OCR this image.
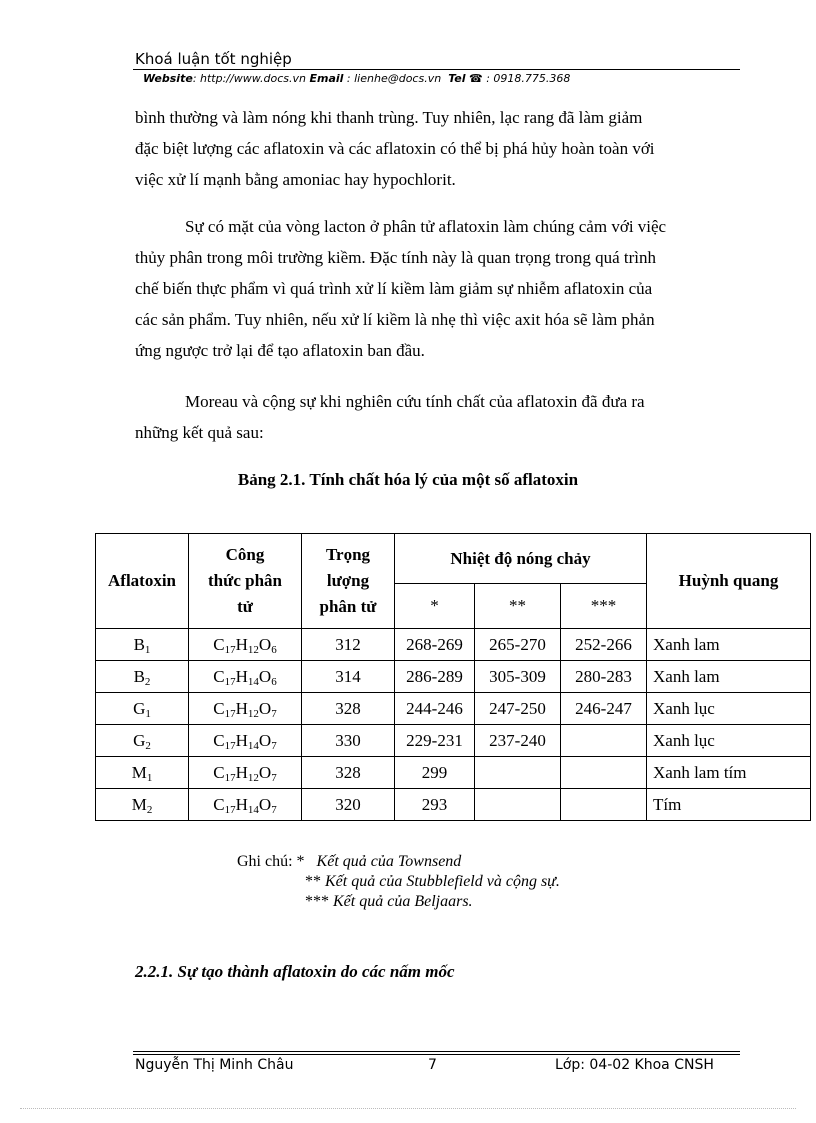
Khoá luận tốt nghiệp
Website: http://www.docs.vn Email : lienhe@docs.vn Tel ☎ : 0918.775.368
bình thường và làm nóng khi thanh trùng. Tuy nhiên, lạc rang đã làm giảm
đặc biệt lượng các aflatoxin và các aflatoxin có thể bị phá hủy hoàn toàn với
việc xử lí mạnh bằng amoniac hay hypochlorit.
Sự có mặt của vòng lacton ở phân tử aflatoxin làm chúng cảm với việc
thủy phân trong môi trường kiềm. Đặc tính này là quan trọng trong quá trình
chế biến thực phẩm vì quá trình xử lí kiềm làm giảm sự nhiễm aflatoxin của
các sản phẩm. Tuy nhiên, nếu xử lí kiềm là nhẹ thì việc axit hóa sẽ làm phản
ứng ngược trở lại để tạo aflatoxin ban đầu.
Moreau và cộng sự khi nghiên cứu tính chất của aflatoxin đã đưa ra
những kết quả sau:
Bảng 2.1. Tính chất hóa lý của một số aflatoxin
Aflatoxin	Công
thức phân
tử	Trọng
lượng
phân tử	Nhiệt độ nóng chảy			Huỳnh quang
			*	**	***	
$B_1$	$C_{17}H_{12}O_6$	312	268-269	265-270	252-266	Xanh lam
$B_2$	$C_{17}H_{14}O_6$	314	286-289	305-309	280-283	Xanh lam
$G_1$	$C_{17}H_{12}O_7$	328	244-246	247-250	246-247	Xanh lục
$G_2$	$C_{17}H_{14}O_7$	330	229-231	237-240		Xanh lục
$M_1$	$C_{17}H_{12}O_7$	328	299			Xanh lam tím
$M_2$	$C_{17}H_{14}O_7$	320	293			Tím
Ghi chú: * Kết quả của Townsend
** Kết quả của Stubblefield và cộng sự.
*** Kết quả của Beljaars.
2.2.1. Sự tạo thành aflatoxin do các nấm mốc
Nguyễn Thị Minh Châu	7	Lớp: 04-02 Khoa CNSH
